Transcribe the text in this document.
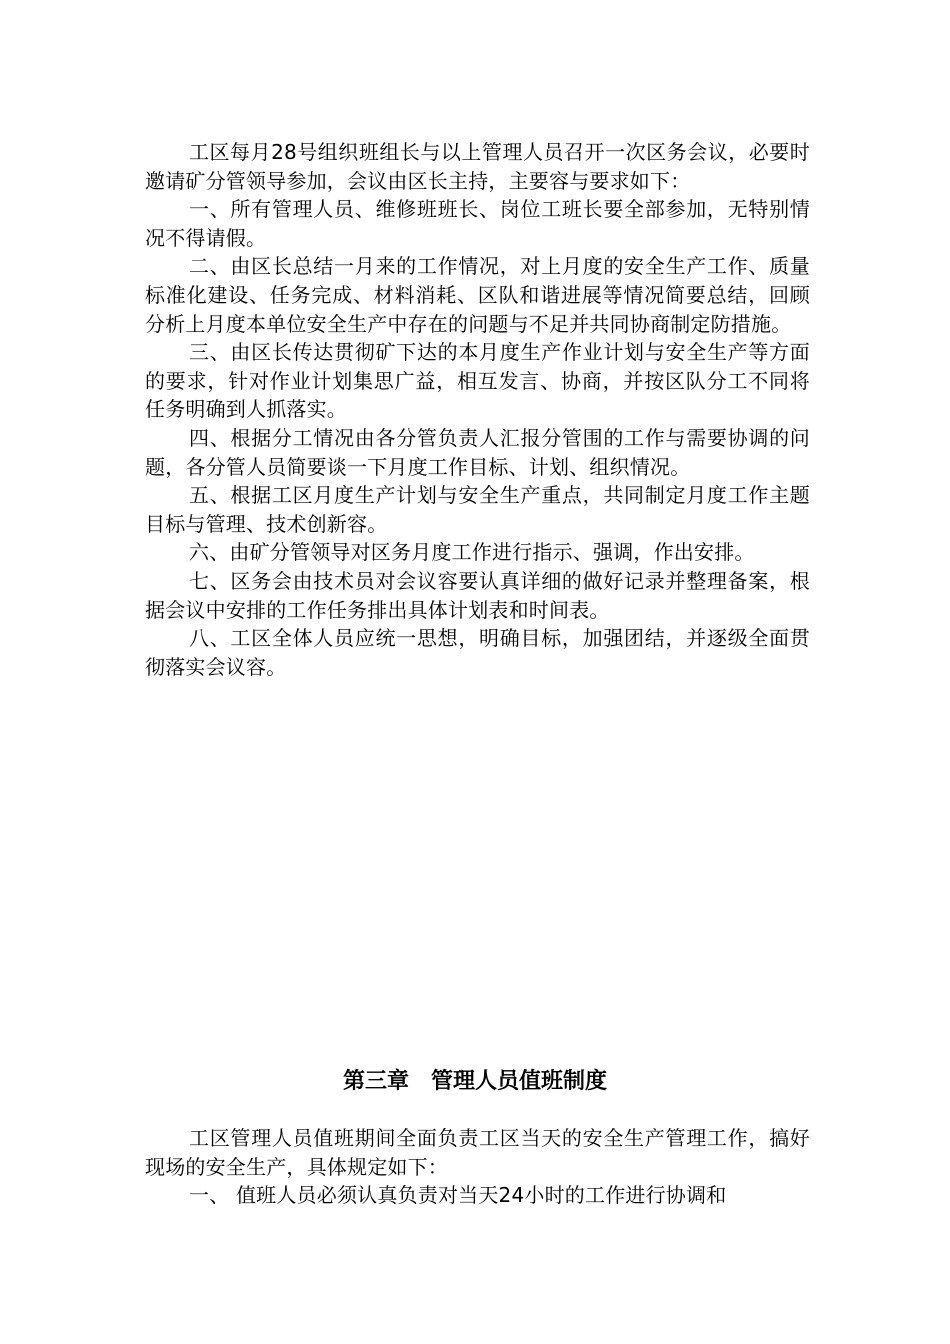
工区每月28号组织班组长与以上管理人员召开一次区务会议，必要时邀请矿分管领导参加，会议由区长主持，主要容与要求如下：

一、所有管理人员、维修班班长、岗位工班长要全部参加，无特别情况不得请假。

二、由区长总结一月来的工作情况，对上月度的安全生产工作、质量标准化建设、任务完成、材料消耗、区队和谐进展等情况简要总结，回顾分析上月度本单位安全生产中存在的问题与不足并共同协商制定防措施。

三、由区长传达贯彻矿下达的本月度生产作业计划与安全生产等方面的要求，针对作业计划集思广益，相互发言、协商，并按区队分工不同将任务明确到人抓落实。

四、根据分工情况由各分管负责人汇报分管围的工作与需要协调的问题，各分管人员简要谈一下月度工作目标、计划、组织情况。

五、根据工区月度生产计划与安全生产重点，共同制定月度工作主题目标与管理、技术创新容。

六、由矿分管领导对区务月度工作进行指示、强调，作出安排。

七、区务会由技术员对会议容要认真详细的做好记录并整理备案，根据会议中安排的工作任务排出具体计划表和时间表。

八、工区全体人员应统一思想，明确目标，加强团结，并逐级全面贯彻落实会议容。

第三章　管理人员值班制度

工区管理人员值班期间全面负责工区当天的安全生产管理工作，搞好现场的安全生产，具体规定如下：

一、 值班人员必须认真负责对当天24小时的工作进行协调和
